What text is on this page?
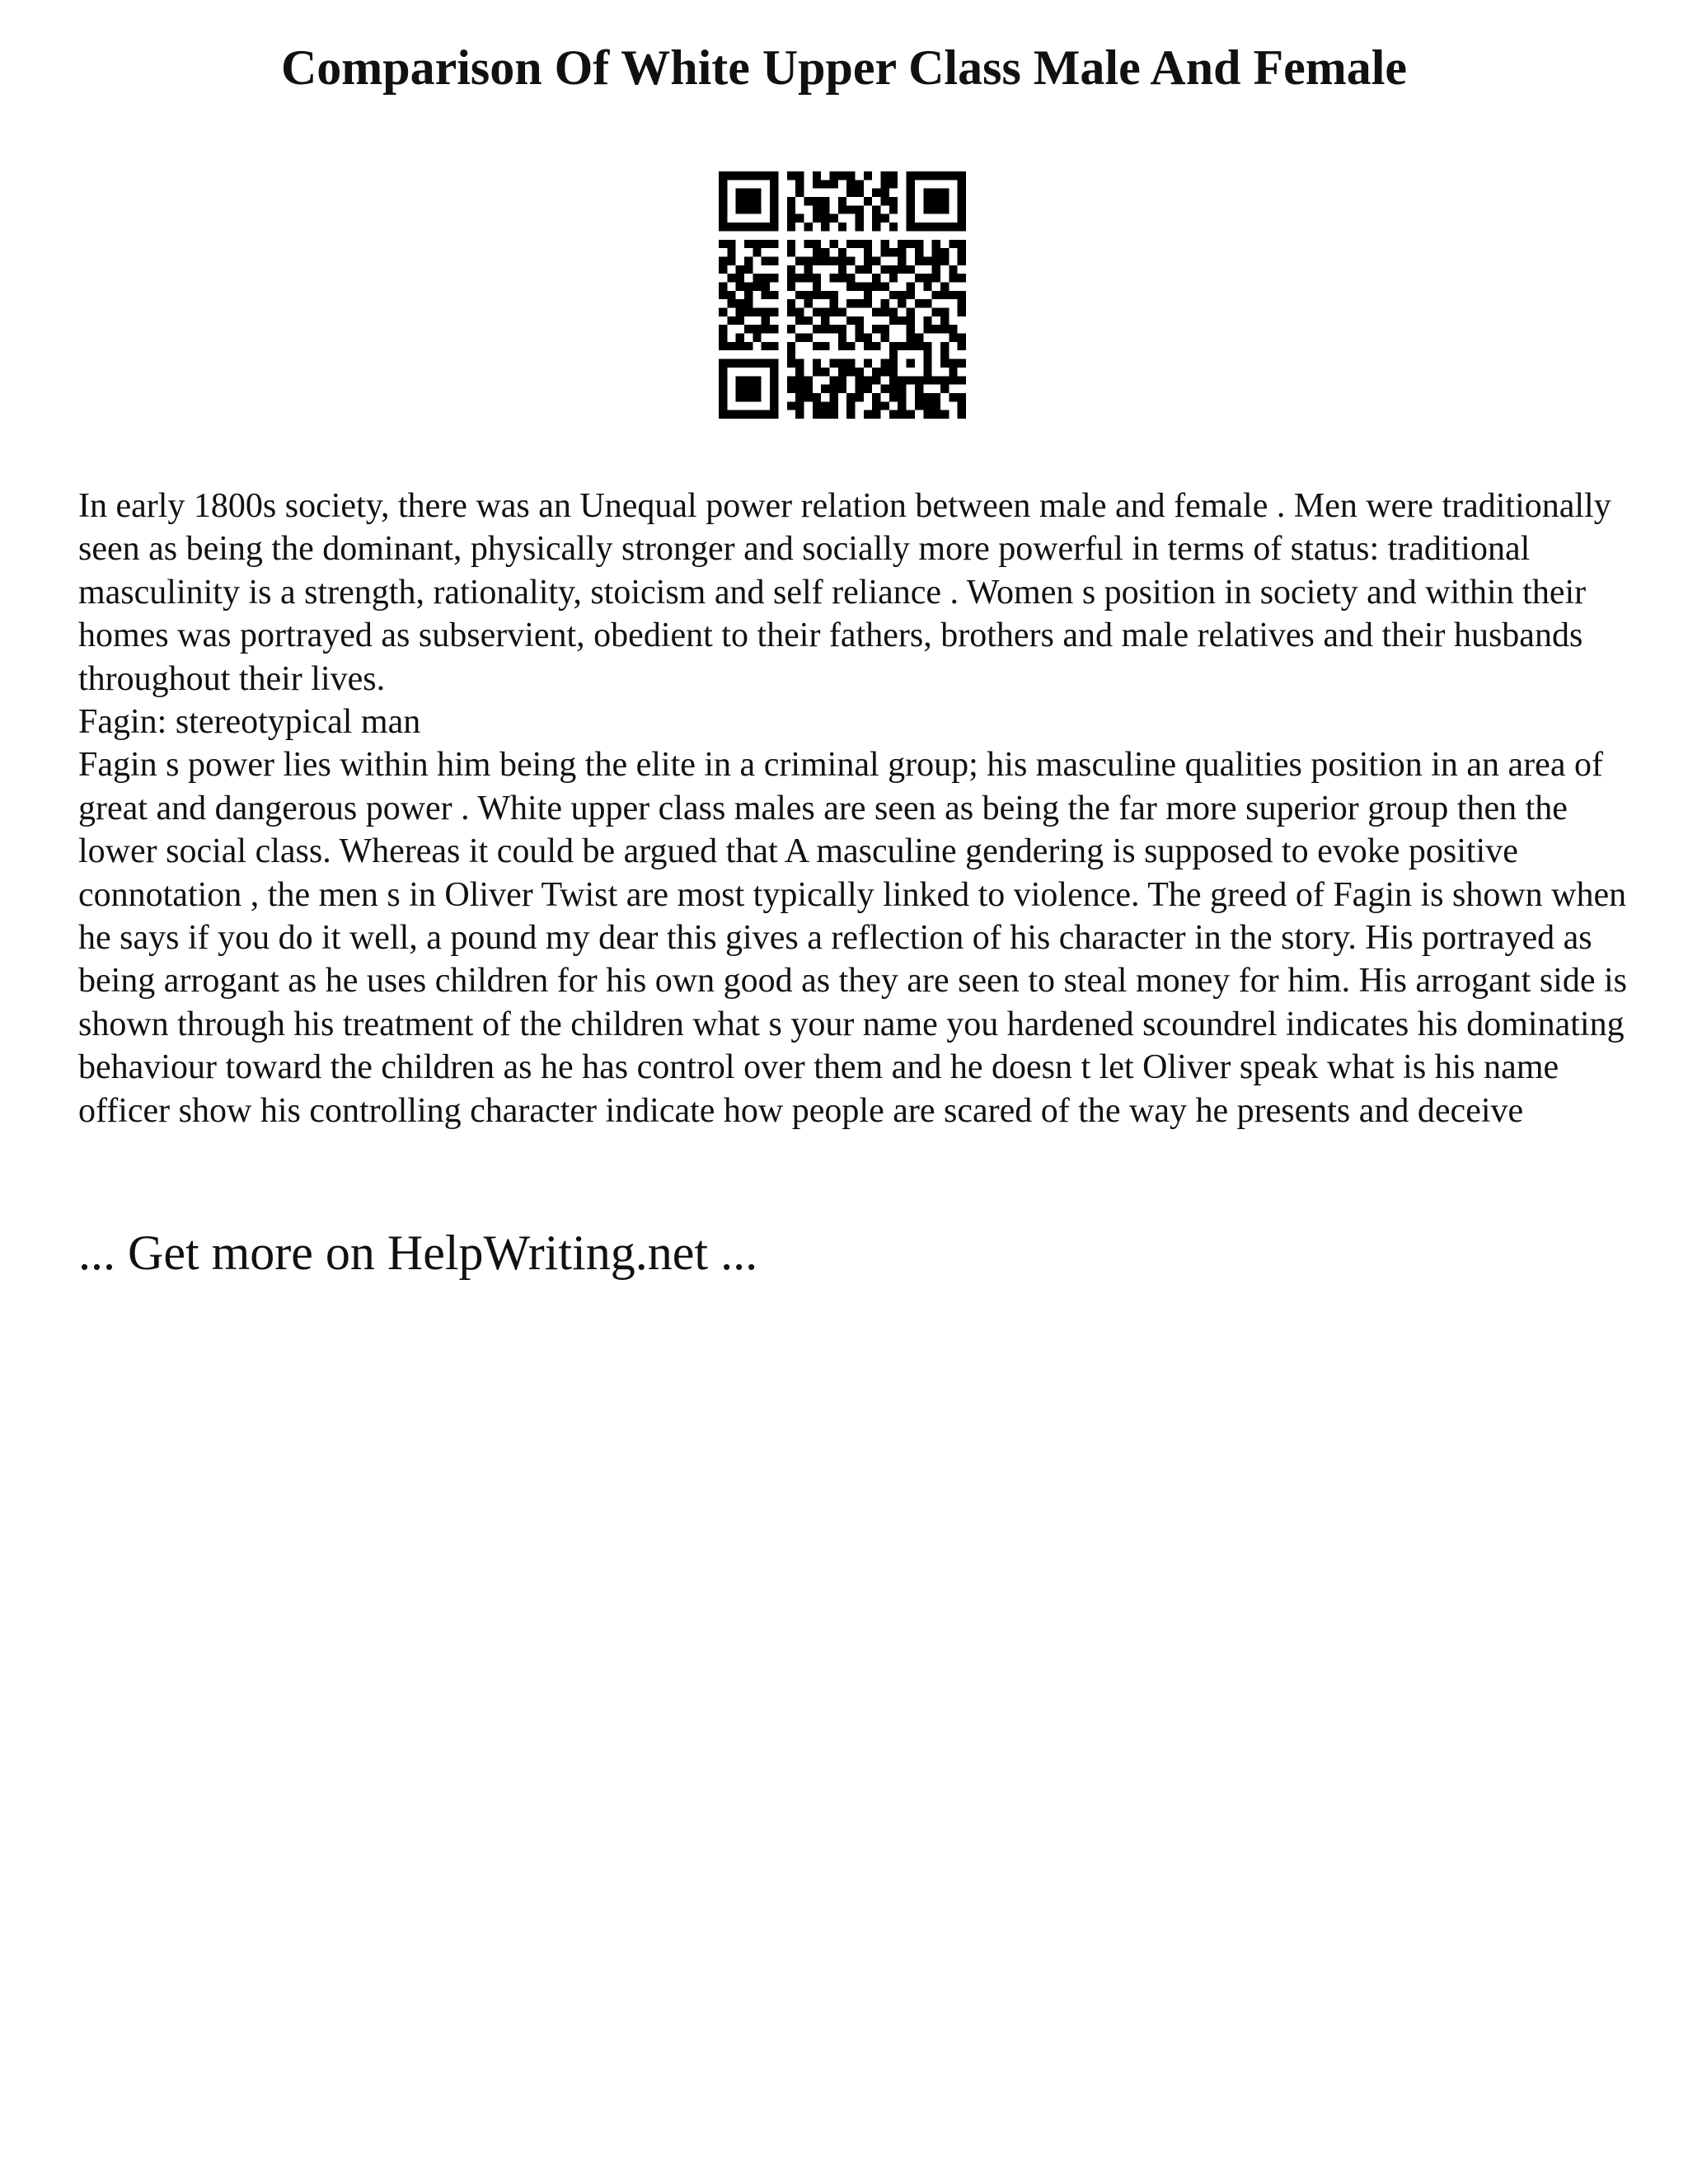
Comparison Of White Upper Class Male And Female

In early 1800s society, there was an Unequal power relation between male and female . Men were traditionally seen as being the dominant, physically stronger and socially more powerful in terms of status: traditional masculinity is a strength, rationality, stoicism and self reliance . Women s position in society and within their homes was portrayed as subservient, obedient to their fathers, brothers and male relatives and their husbands throughout their lives.

Fagin: stereotypical man

Fagin s power lies within him being the elite in a criminal group; his masculine qualities position in an area of great and dangerous power . White upper class males are seen as being the far more superior group then the lower social class. Whereas it could be argued that A masculine gendering is supposed to evoke positive connotation , the men s in Oliver Twist are most typically linked to violence. The greed of Fagin is shown when he says if you do it well, a pound my dear this gives a reflection of his character in the story. His portrayed as being arrogant as he uses children for his own good as they are seen to steal money for him. His arrogant side is shown through his treatment of the children what s your name you hardened scoundrel indicates his dominating behaviour toward the children as he has control over them and he doesn t let Oliver speak what is his name officer show his controlling character indicate how people are scared of the way he presents and deceive

... Get more on HelpWriting.net ...
